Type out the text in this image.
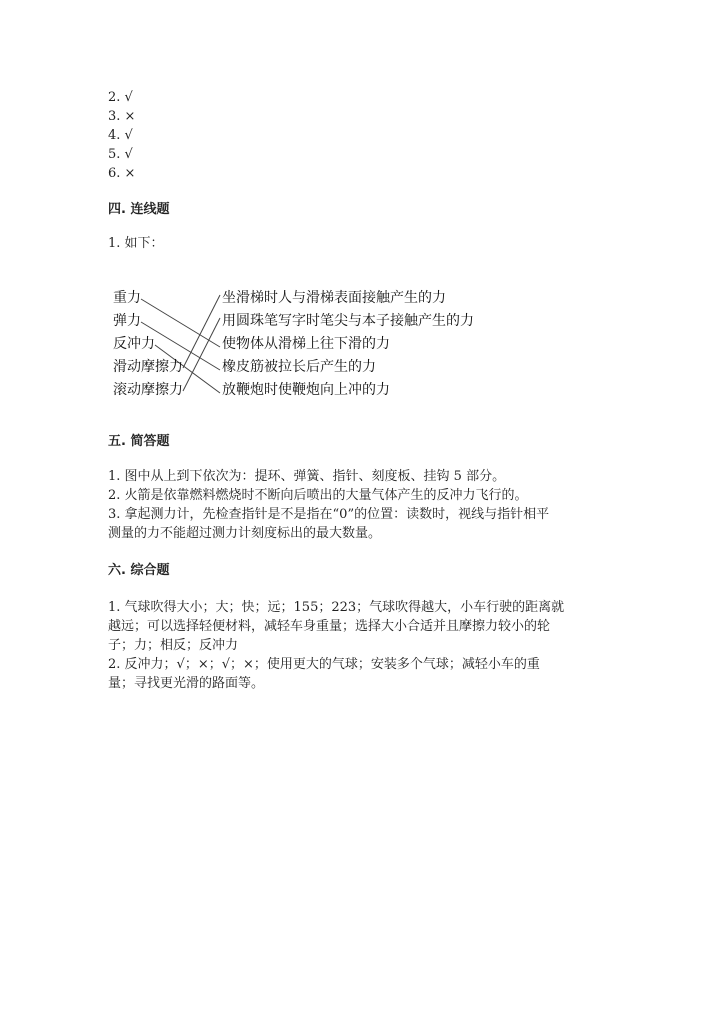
2. √
3. ×
4. √
5. √
6. ×
四. 连线题
1. 如下：
重力
弹力
反冲力
滑动摩擦力
滚动摩擦力
坐滑梯时人与滑梯表面接触产生的力
用圆珠笔写字时笔尖与本子接触产生的力
使物体从滑梯上往下滑的力
橡皮筋被拉长后产生的力
放鞭炮时使鞭炮向上冲的力
五. 简答题
1. 图中从上到下依次为：提环、弹簧、指针、刻度板、挂钩 5 部分。
2. 火箭是依靠燃料燃烧时不断向后喷出的大量气体产生的反冲力飞行的。
3. 拿起测力计，先检查指针是不是指在“0”的位置：读数时，视线与指针相平
测量的力不能超过测力计刻度标出的最大数量。
六. 综合题
1. 气球吹得大小；大；快；远；155；223；气球吹得越大，小车行驶的距离就
越远；可以选择轻便材料，减轻车身重量；选择大小合适并且摩擦力较小的轮
子；力；相反；反冲力
2. 反冲力；√；×；√；×；使用更大的气球；安装多个气球；减轻小车的重
量；寻找更光滑的路面等。
